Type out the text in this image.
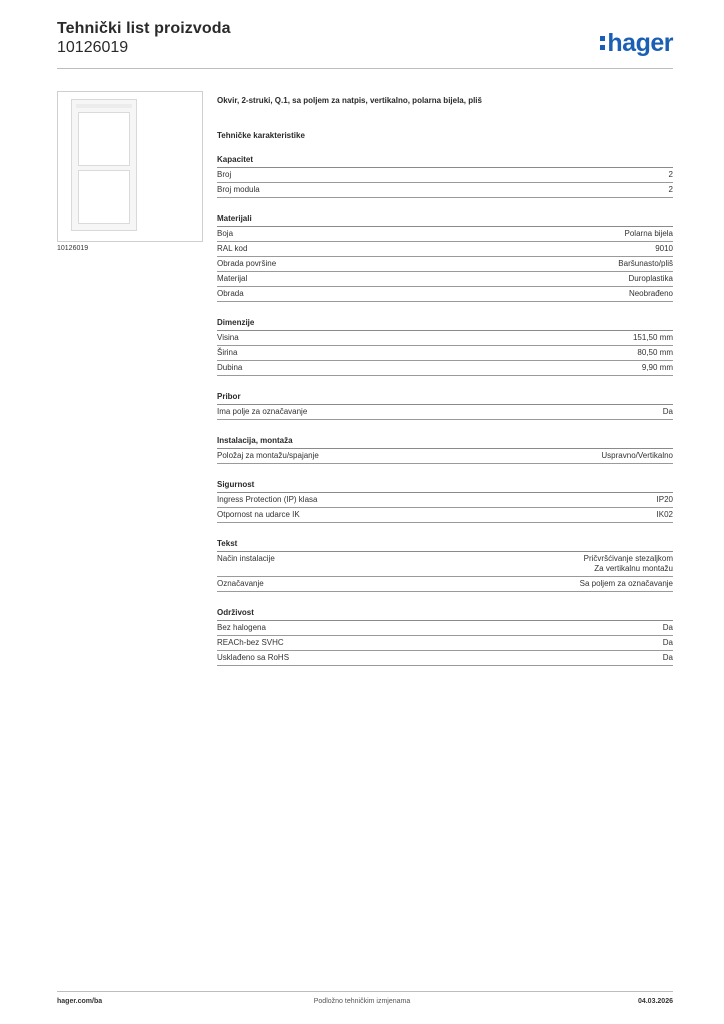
Tehnički list proizvoda
10126019	hager
10126019
Okvir, 2-struki, Q.1, sa poljem za natpis, vertikalno, polarna bijela, pliš
Tehničke karakteristike
Kapacitet
Broj	2
Broj modula	2
Materijali
Boja	Polarna bijela
RAL kod	9010
Obrada površine	Baršunasto/pliš
Materijal	Duroplastika
Obrada	Neobrađeno
Dimenzije
Visina	151,50 mm
Širina	80,50 mm
Dubina	9,90 mm
Pribor
Ima polje za označavanje	Da
Instalacija, montaža
Položaj za montažu/spajanje	Uspravno/Vertikalno
Sigurnost
Ingress Protection (IP) klasa	IP20
Otpornost na udarce IK	IK02
Tekst
Način instalacije	Pričvršćivanje stezaljkom
Za vertikalnu montažu
Označavanje	Sa poljem za označavanje
Održivost
Bez halogena	Da
REACh-bez SVHC	Da
Usklađeno sa RoHS	Da
hager.com/ba	Podložno tehničkim izmjenama	04.03.2026
